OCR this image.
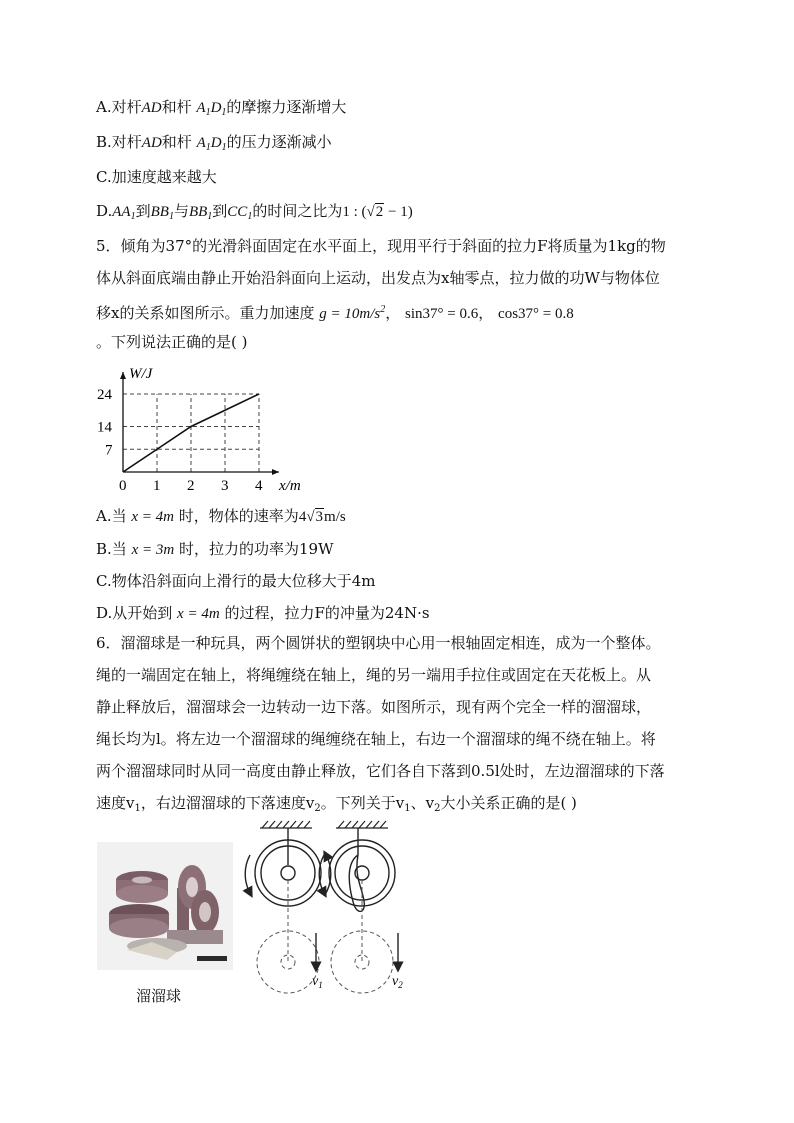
A.对杆AD和杆 $A_1D_1$的摩擦力逐渐增大
B.对杆AD和杆 $A_1D_1$的压力逐渐减小
C.加速度越来越大
$D.AA_1$到$BB_1$与$BB_1$到$CC_1$的时间之比为1 : (√2 − 1)
5．倾角为37°的光滑斜面固定在水平面上，现用平行于斜面的拉力F将质量为1kg的物
体从斜面底端由静止开始沿斜面向上运动，出发点为x轴零点，拉力做的功W与物体位
移x的关系如图所示。重力加速度 $g = 10m/s^2$， sin37° = 0.6， cos37° = 0.8
。下列说法正确的是( )
0 1 2 3 4
7
14
24
W/J
x/m
A.当 x = 4m 时，物体的速率为4√3m/s
B.当 x = 3m 时，拉力的功率为19W
C.物体沿斜面向上滑行的最大位移大于4m
D.从开始到 x = 4m 的过程，拉力F的冲量为24N·s
6．溜溜球是一种玩具，两个圆饼状的塑钢块中心用一根轴固定相连，成为一个整体。
绳的一端固定在轴上，将绳缠绕在轴上，绳的另一端用手拉住或固定在天花板上。从
静止释放后，溜溜球会一边转动一边下落。如图所示，现有两个完全一样的溜溜球，
绳长均为l。将左边一个溜溜球的绳缠绕在轴上，右边一个溜溜球的绳不绕在轴上。将
两个溜溜球同时从同一高度由静止释放，它们各自下落到0.5l处时，左边溜溜球的下落
速度$v_1$，右边溜溜球的下落速度$v_2$。下列关于$v_1$、$v_2$大小关系正确的是( )
溜溜球
$v_1$	$v_2$
